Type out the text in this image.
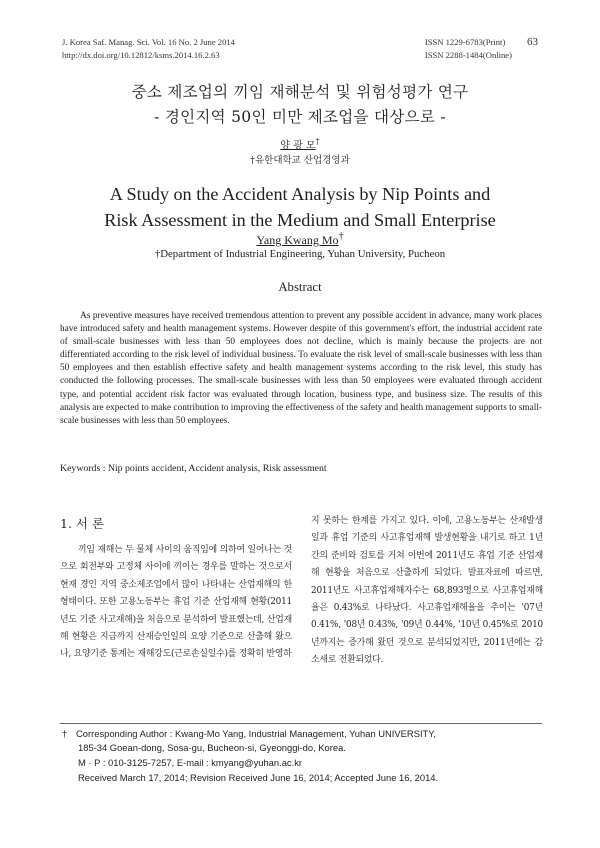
J. Korea Saf. Manag. Sci. Vol. 16 No. 2 June 2014
http://dx.doi.org/10.12812/ksms.2014.16.2.63
ISSN 1229-6783(Print)
ISSN 2288-1484(Online)
63
중소 제조업의 끼임 재해분석 및 위험성평가 연구
- 경인지역 50인 미만 제조업을 대상으로 -
양 광 모†
†유한대학교 산업경영과
A Study on the Accident Analysis by Nip Points and
Risk Assessment in the Medium and Small Enterprise
Yang Kwang Mo†
†Department of Industrial Engineering, Yuhan University, Pucheon
Abstract
As preventive measures have received tremendous attention to prevent any possible accident in advance, many work places have introduced safety and health management systems. However despite of this government's effort, the industrial accident rate of small-scale businesses with less than 50 employees does not decline, which is mainly because the projects are not differentiated according to the risk level of individual business. To evaluate the risk level of small-scale businesses with less than 50 employees and then establish effective safety and health management systems according to the risk level, this study has conducted the following processes. The small-scale businesses with less than 50 employees were evaluated through accident type, and potential accident risk factor was evaluated through location, business type, and business size. The results of this analysis are expected to make contribution to improving the effectiveness of the safety and health management supports to small-scale businesses with less than 50 employees.
Keywords : Nip points accident, Accident analysis, Risk assessment
1. 서 론
끼임 재해는 두 물체 사이의 움직임에 의하여 일어나는 것으로 회전부와 고정체 사이에 끼이는 경우를 말하는 것으로서 현재 경인 지역 중소제조업에서 많이 나타내는 산업재해의 한 형태이다. 또한 고용노동부는 휴업 기준 산업재해 현황(2011년도 기준 사고재해)을 처음으로 분석하여 발표했는데, 산업재해 현황은 지금까지 산재승인일의 요양 기준으로 산출해 왔으나, 요양기준 통계는 재해강도(근로손실일수)를 정확히 반영하
지 못하는 한계를 가지고 있다. 이에, 고용노동부는 산재발생일과 휴업 기준의 사고휴업재해 발생현황을 내기로 하고 1년간의 준비와 검토를 거쳐 이번에 2011년도 휴업 기준 산업재해 현황을 처음으로 산출하게 되었다. 발표자료에 따르면, 2011년도 사고휴업재해자수는 68,893명으로 사고휴업재해율은 0.43%로 나타났다. 사고휴업재해율을 추이는 '07년 0.41%, '08년 0.43%, '09년 0.44%, '10년 0.45%로 2010년까지는 증가해 왔던 것으로 분석되었지만, 2011년에는 감소세로 전환되었다.
† Corresponding Author : Kwang-Mo Yang, Industrial Management, Yuhan UNIVERSITY,
185-34 Goean-dong, Sosa-gu, Bucheon-si, Gyeonggi-do, Korea.
M · P : 010-3125-7257, E-mail : kmyang@yuhan.ac.kr
Received March 17, 2014; Revision Received June 16, 2014; Accepted June 16, 2014.
